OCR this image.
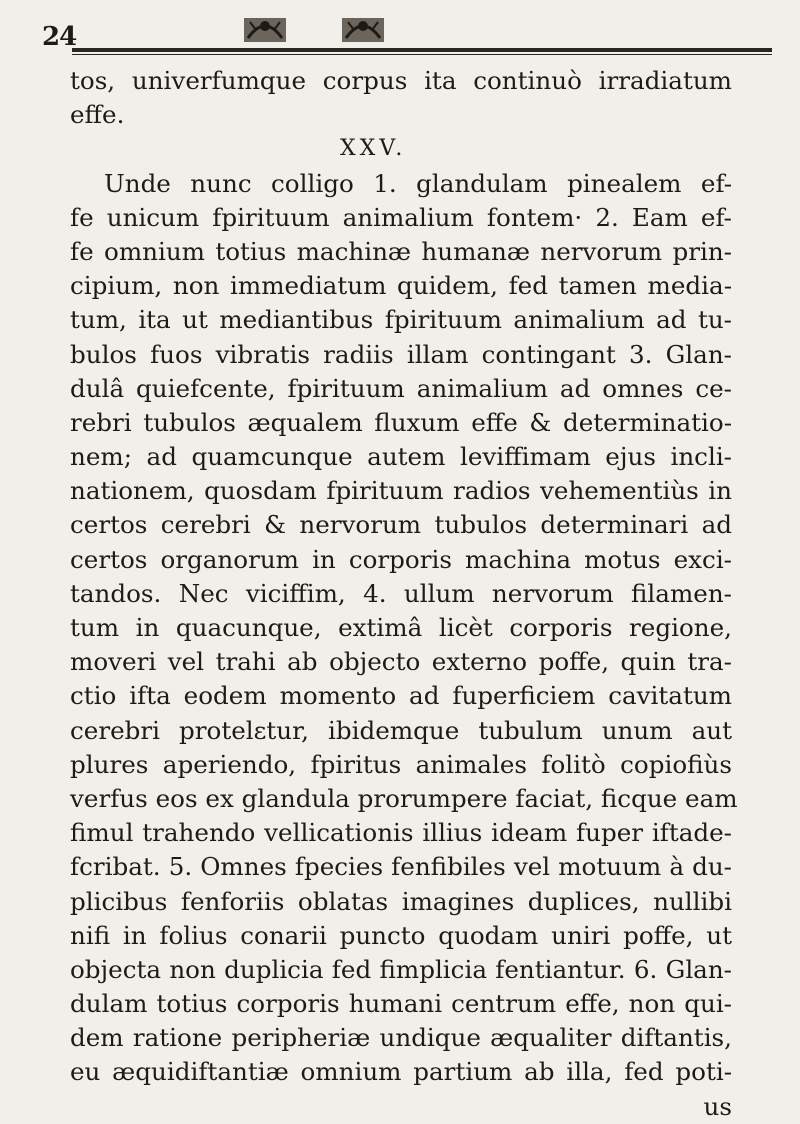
24
tos, univerfumque corpus ita continuò irradiatum
effe.
XXV.
Unde nunc colligo 1. glandulam pinealem ef-
fe unicum fpirituum animalium fontem· 2. Eam ef-
fe omnium totius machinæ humanæ nervorum prin-
cipium, non immediatum quidem, fed tamen media-
tum, ita ut mediantibus fpirituum animalium ad tu-
bulos fuos vibratis radiis illam contingant 3. Glan-
dulâ quiefcente, fpirituum animalium ad omnes ce-
rebri tubulos æqualem fluxum effe & determinatio-
nem; ad quamcunque autem leviffimam ejus incli-
nationem, quosdam fpirituum radios vehementiùs in
certos cerebri & nervorum tubulos determinari ad
certos organorum in corporis machina motus exci-
tandos. Nec viciffim, 4. ullum nervorum filamen-
tum in quacunque, extimâ licèt corporis regione,
moveri vel trahi ab objectο externo poffe, quin tra-
ctio ifta eodem momento ad fuperficiem cavitatum
cerebri protelεtur, ibidemque tubulum unum aut
plures aperiendo, fpiritus animales folitò copiofiùs
verfus eos ex glandula prorumpere faciat, ficque eam
fimul trahendo vellicationis illius ideam fuper iftade-
fcribat. 5. Omnes fpecies fenfibiles vel motuum à du-
plicibus fenforiis oblatas imagines duplices, nullibi
nifi in folius conarii puncto quodam uniri poffe, ut
objecta non duplicia fed fimplicia fentiantur. 6. Glan-
dulam totius corporis humani centrum effe, non qui-
dem ratione peripheriæ undique æqualiter diftantis,
eu æquidiftantiæ omnium partium ab illa, fed poti-
us
